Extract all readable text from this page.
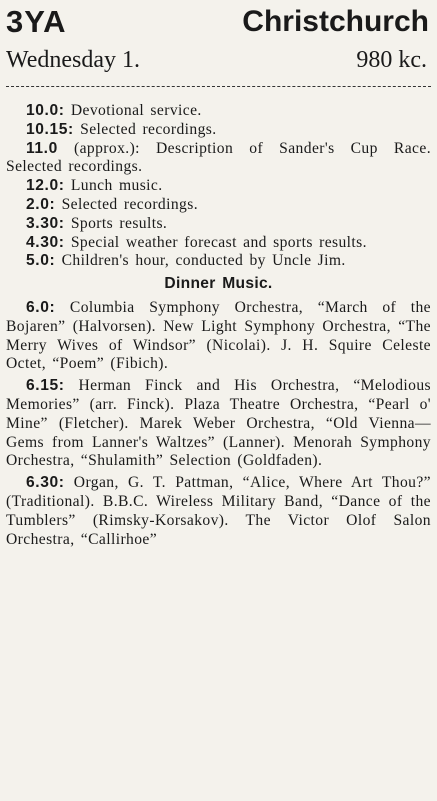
3YA	Christchurch
Wednesday 1.	980 kc.

10.0: Devotional service.

10.15: Selected recordings.

11.0 (approx.): Description of Sander's Cup Race. Selected recordings.

12.0: Lunch music.

2.0: Selected recordings.

3.30: Sports results.

4.30: Special weather forecast and sports results.

5.0: Children's hour, conducted by Uncle Jim.

Dinner Music.

6.0: Columbia Symphony Orchestra, “March of the Bojaren” (Halvorsen). New Light Symphony Orchestra, “The Merry Wives of Windsor” (Nicolai). J. H. Squire Celeste Octet, “Poem” (Fibich).

6.15: Herman Finck and His Orchestra, “Melodious Memories” (arr. Finck). Plaza Theatre Orchestra, “Pearl o' Mine” (Fletcher). Marek Weber Orchestra, “Old Vienna—Gems from Lanner's Waltzes” (Lanner). Menorah Symphony Orchestra, “Shulamith” Selection (Goldfaden).

6.30: Organ, G. T. Pattman, “Alice, Where Art Thou?” (Traditional). B.B.C. Wireless Military Band, “Dance of the Tumblers” (Rimsky-Korsakov). The Victor Olof Salon Orchestra, “Callirhoe”
